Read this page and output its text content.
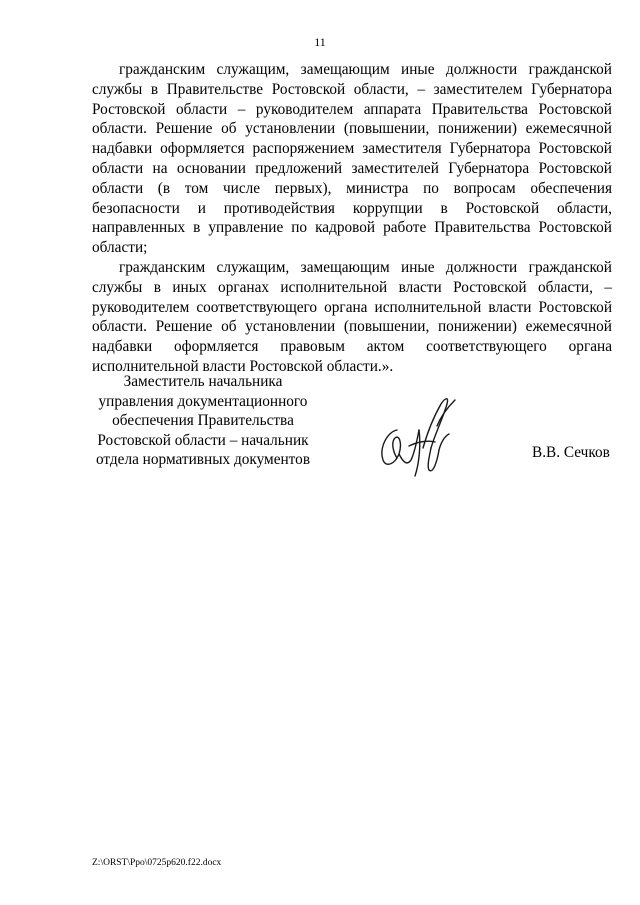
11

гражданским служащим, замещающим иные должности гражданской службы в Правительстве Ростовской области, – заместителем Губернатора Ростовской области – руководителем аппарата Правительства Ростовской области. Решение об установлении (повышении, понижении) ежемесячной надбавки оформляется распоряжением заместителя Губернатора Ростовской области на основании предложений заместителей Губернатора Ростовской области (в том числе первых), министра по вопросам обеспечения безопасности и противодействия коррупции в Ростовской области, направленных в управление по кадровой работе Правительства Ростовской области;

гражданским служащим, замещающим иные должности гражданской службы в иных органах исполнительной власти Ростовской области, – руководителем соответствующего органа исполнительной власти Ростовской области. Решение об установлении (повышении, понижении) ежемесячной надбавки оформляется правовым актом соответствующего органа исполнительной власти Ростовской области.».

Заместитель начальника
управления документационного
обеспечения Правительства
Ростовской области – начальник
отдела нормативных документов	В.В. Сечков
Z:\ORST\Ppo\0725p620.f22.docx
